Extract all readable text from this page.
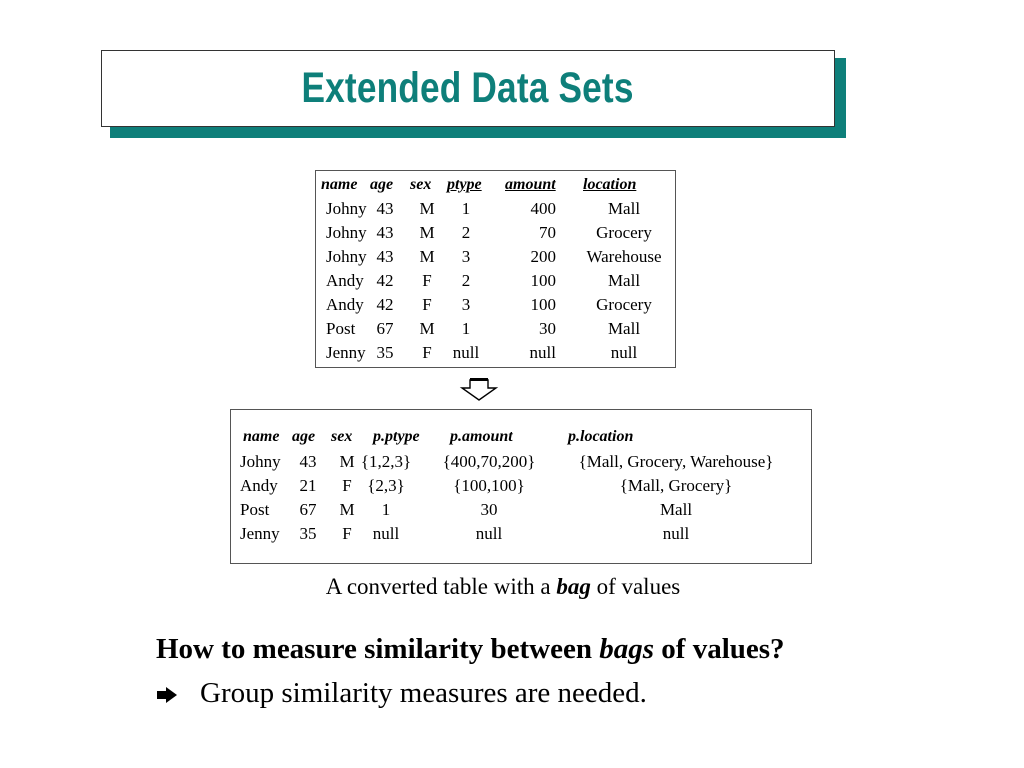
Extended Data Sets
name age sex ptype amount location
Johny 43 M 1	400	Mall
Johny 43 M 2	70 Grocery
Johny 43 M 3	200 Warehouse
Andy 42 F 2	100	Mall
Andy 42 F 3	100 Grocery
Post 67 M 1	30	Mall
Jenny 35 F null	null	null
name age sex p.ptype p.amount	p.location
Johny 43 M {1,2,3} {400,70,200}	{Mall, Grocery, Warehouse}
Andy 21 F {2,3}	{100,100}	{Mall, Grocery}
Post 67 M 1	30	Mall
Jenny 35 F null	null	null
A converted table with a bag of values
How to measure similarity between bags of values?
Group similarity measures are needed.
